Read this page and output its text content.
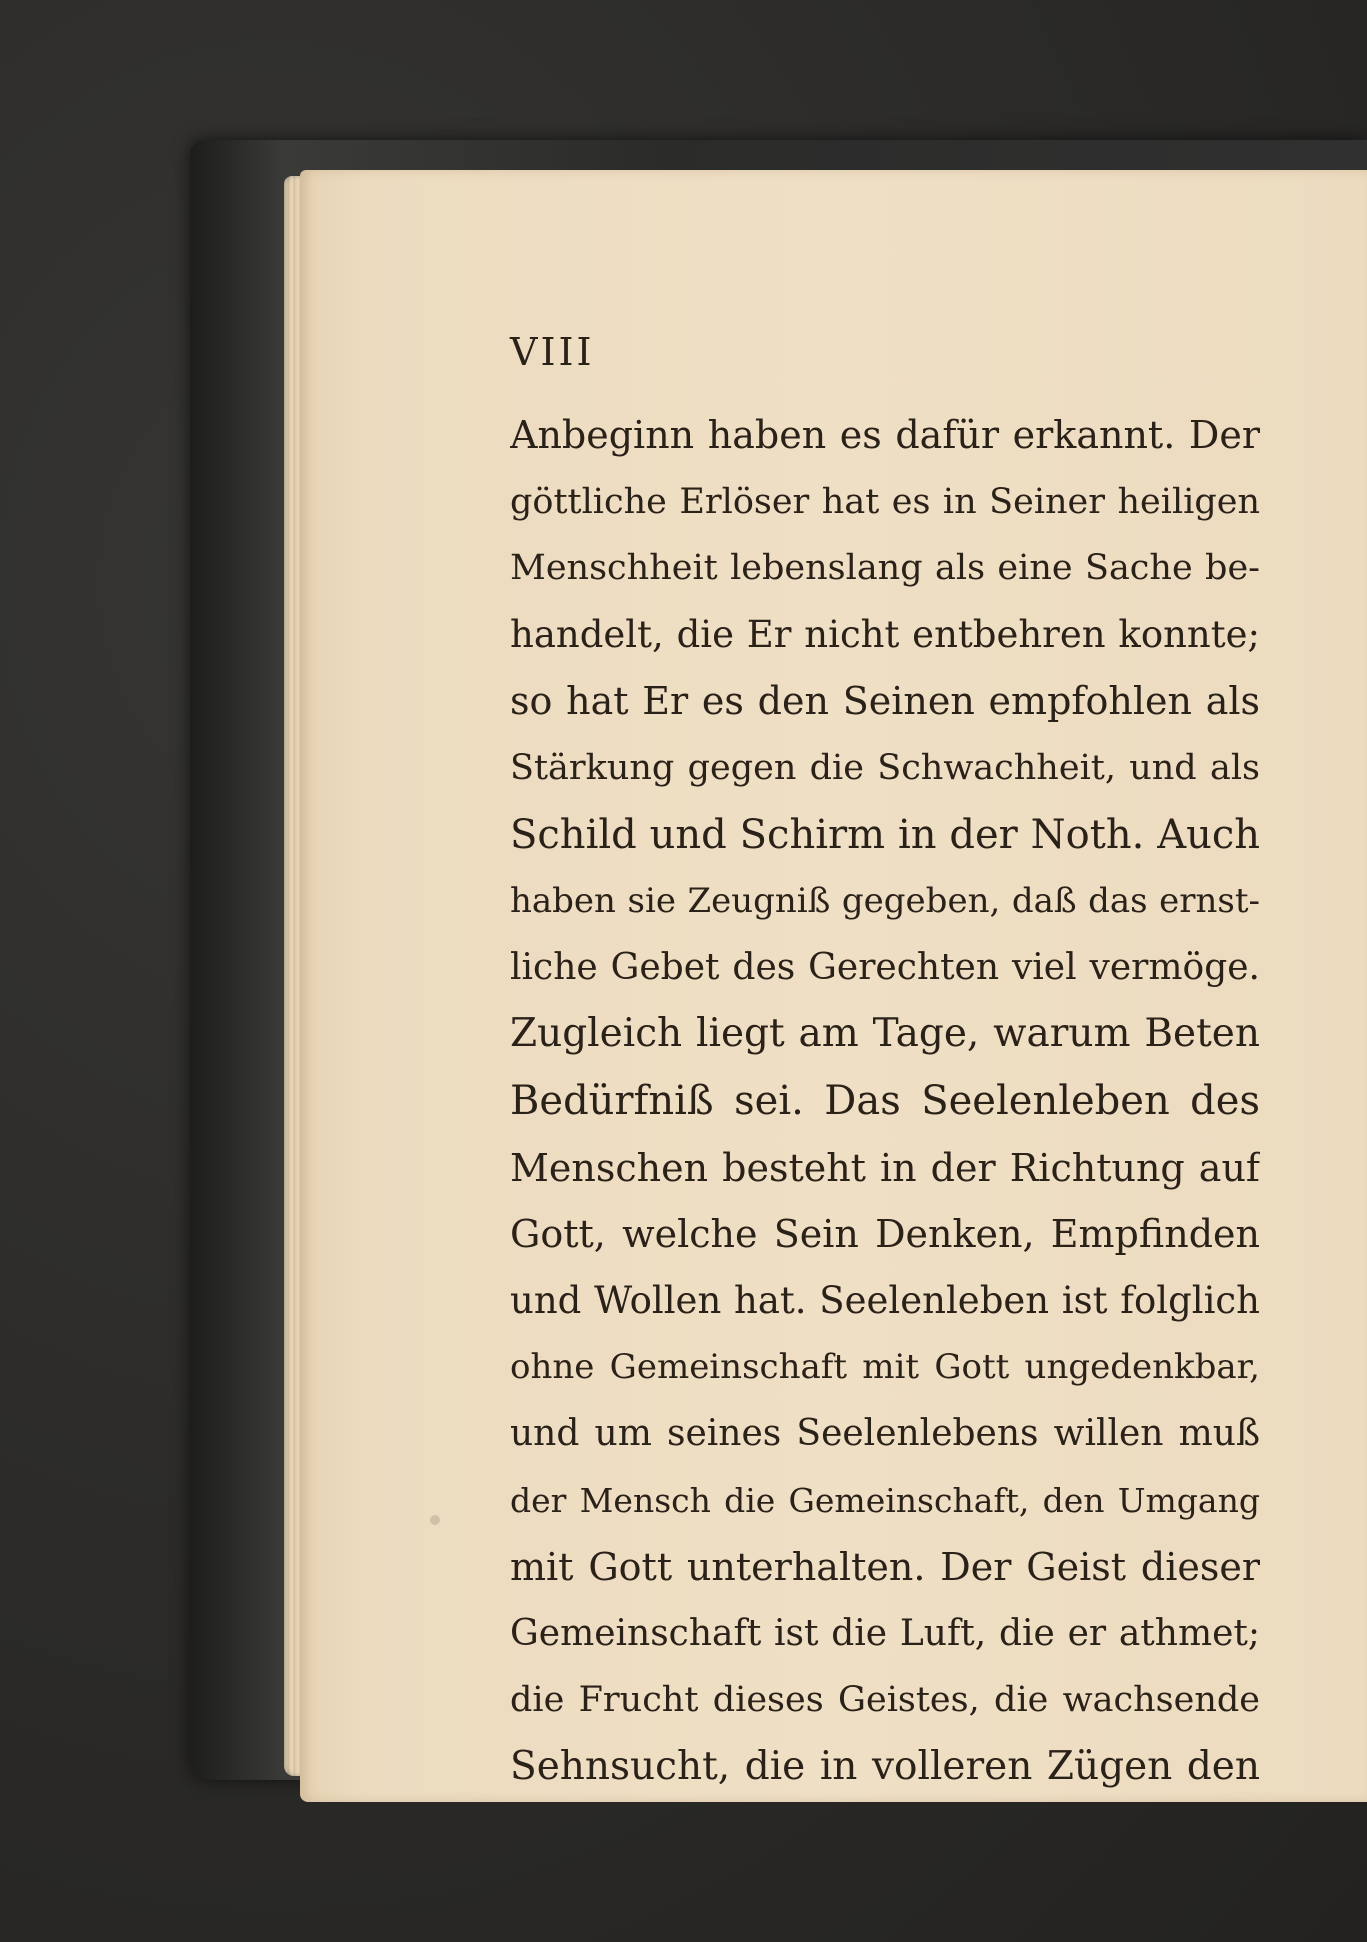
VIII
Anbeginn haben es dafür erkannt. Der
göttliche Erlöser hat es in Seiner heiligen
Menschheit lebenslang als eine Sache be-
handelt, die Er nicht entbehren konnte;
so hat Er es den Seinen empfohlen als
Stärkung gegen die Schwachheit, und als
Schild und Schirm in der Noth. Auch
haben sie Zeugniß gegeben, daß das ernst-
liche Gebet des Gerechten viel vermöge.
Zugleich liegt am Tage, warum Beten
Bedürfniß sei. Das Seelenleben des
Menschen besteht in der Richtung auf
Gott, welche Sein Denken, Empfinden
und Wollen hat. Seelenleben ist folglich
ohne Gemeinschaft mit Gott ungedenkbar,
und um seines Seelenlebens willen muß
der Mensch die Gemeinschaft, den Umgang
mit Gott unterhalten. Der Geist dieser
Gemeinschaft ist die Luft, die er athmet;
die Frucht dieses Geistes, die wachsende
Sehnsucht, die in volleren Zügen den
